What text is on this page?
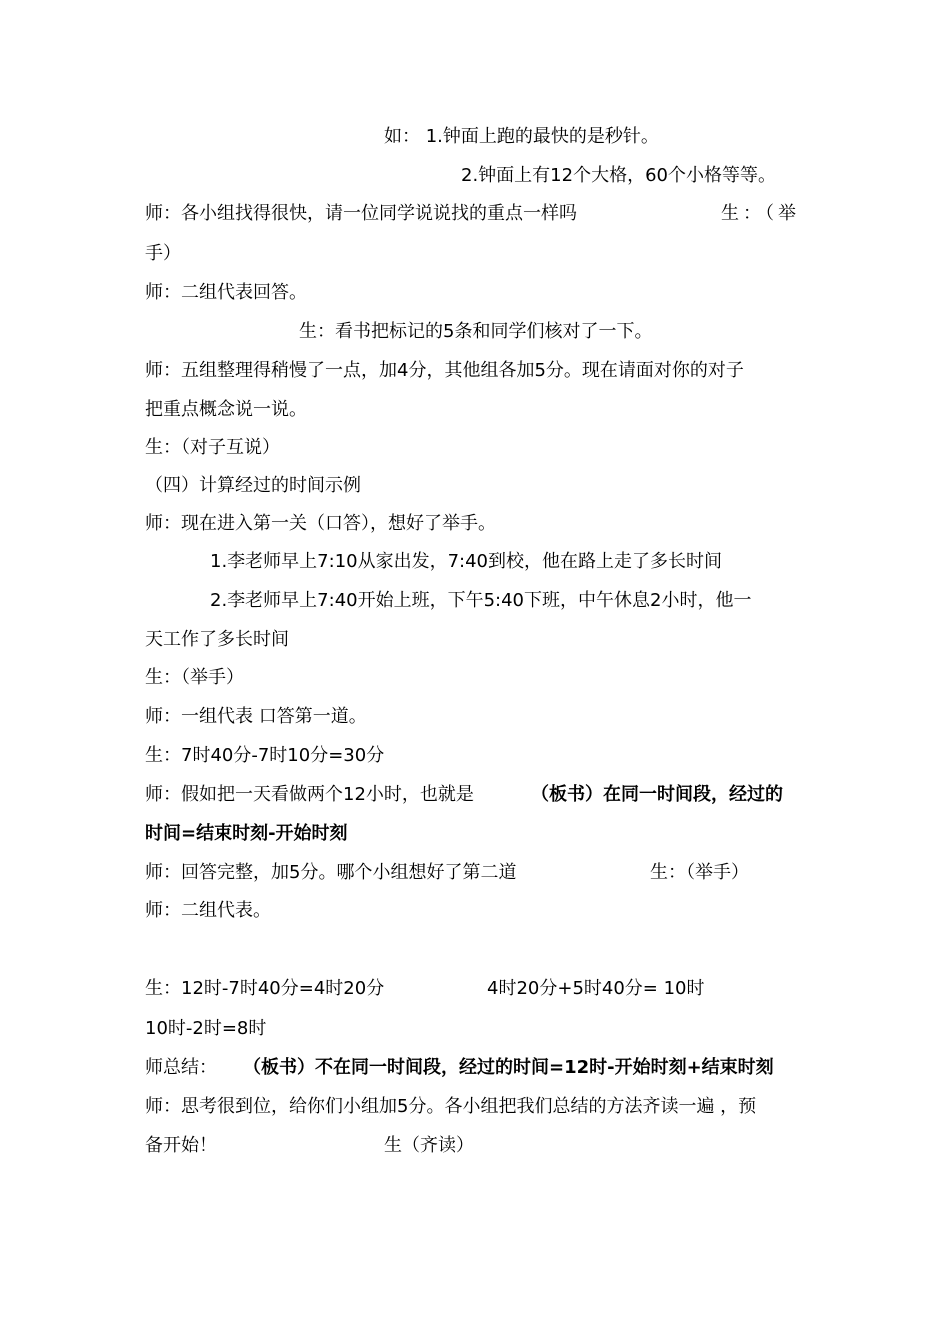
如： 1.钟面上跑的最快的是秒针。
2.钟面上有12个大格，60个小格等等。
师：各小组找得很快，请一位同学说说找的重点一样吗	生：（举
手）
师：二组代表回答。
生：看书把标记的5条和同学们核对了一下。
师：五组整理得稍慢了一点，加4分，其他组各加5分。现在请面对你的对子
把重点概念说一说。
生：（对子互说）
（四）计算经过的时间示例
师：现在进入第一关（口答），想好了举手。
1.李老师早上7:10从家出发，7:40到校，他在路上走了多长时间
2.李老师早上7:40开始上班，下午5:40下班，中午休息2小时，他一
天工作了多长时间
生：（举手）
师：一组代表 口答第一道。
生：7时40分-7时10分=30分
师：假如把一天看做两个12小时，也就是	（板书）在同一时间段，经过的
时间=结束时刻-开始时刻
师：回答完整，加5分。哪个小组想好了第二道	生：（举手）
师：二组代表。
生：12时-7时40分=4时20分	4时20分+5时40分= 10时
10时-2时=8时
师总结： （板书）不在同一时间段，经过的时间=12时-开始时刻+结束时刻
师：思考很到位，给你们小组加5分。各小组把我们总结的方法齐读一遍 ，预
备开始！	生（齐读）
